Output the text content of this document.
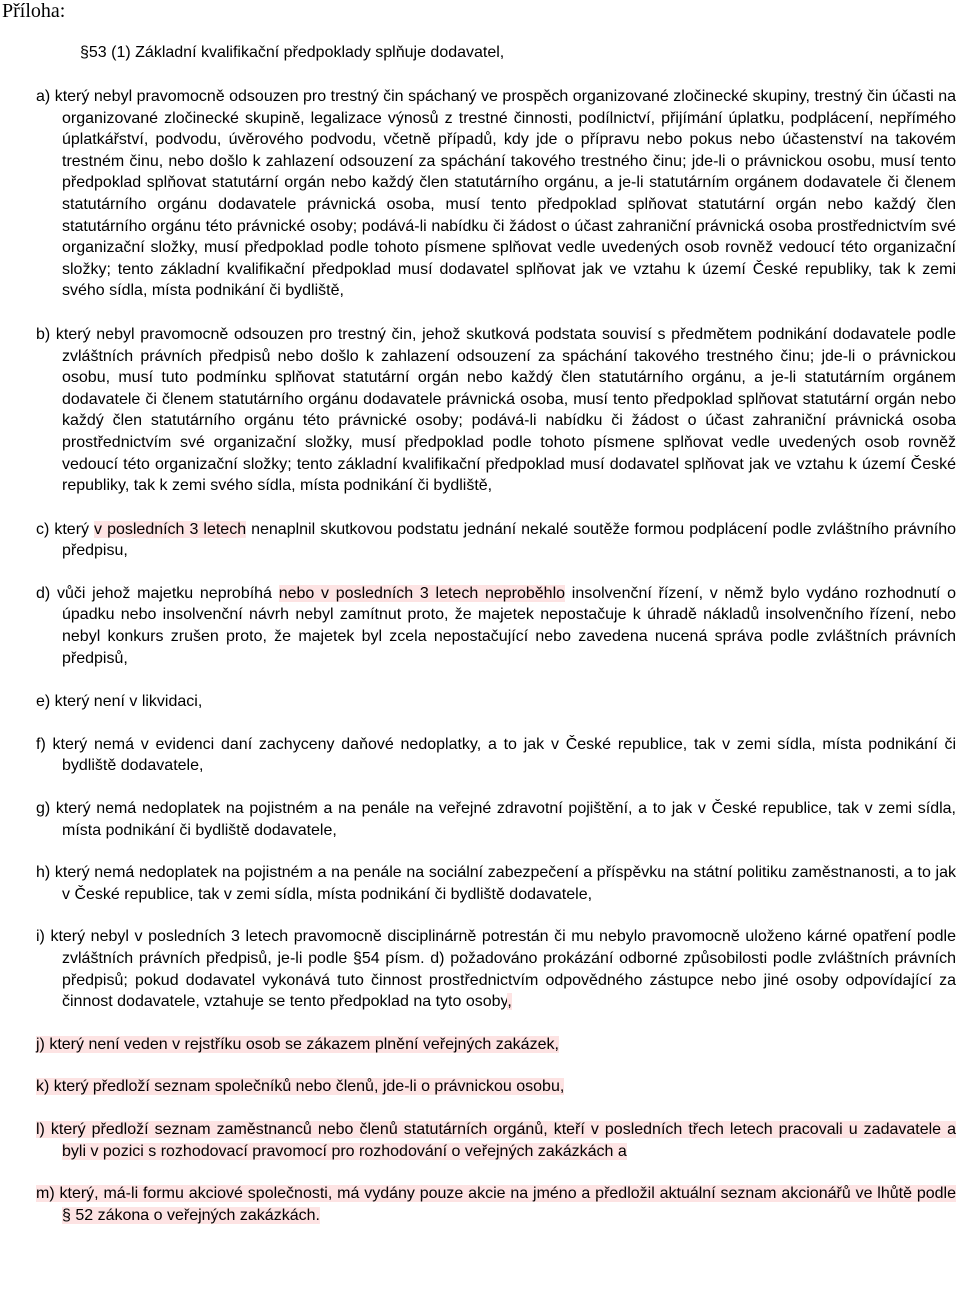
Příloha:
§53 (1) Základní kvalifikační předpoklady splňuje dodavatel,
a) který nebyl pravomocně odsouzen pro trestný čin spáchaný ve prospěch organizované zločinecké skupiny, trestný čin účasti na organizované zločinecké skupině, legalizace výnosů z trestné činnosti, podílnictví, přijímání úplatku, podplácení, nepřímého úplatkářství, podvodu, úvěrového podvodu, včetně případů, kdy jde o přípravu nebo pokus nebo účastenství na takovém trestném činu, nebo došlo k zahlazení odsouzení za spáchání takového trestného činu; jde-li o právnickou osobu, musí tento předpoklad splňovat statutární orgán nebo každý člen statutárního orgánu, a je-li statutárním orgánem dodavatele či členem statutárního orgánu dodavatele právnická osoba, musí tento předpoklad splňovat statutární orgán nebo každý člen statutárního orgánu této právnické osoby; podává-li nabídku či žádost o účast zahraniční právnická osoba prostřednictvím své organizační složky, musí předpoklad podle tohoto písmene splňovat vedle uvedených osob rovněž vedoucí této organizační složky; tento základní kvalifikační předpoklad musí dodavatel splňovat jak ve vztahu k území České republiky, tak k zemi svého sídla, místa podnikání či bydliště,
b) který nebyl pravomocně odsouzen pro trestný čin, jehož skutková podstata souvisí s předmětem podnikání dodavatele podle zvláštních právních předpisů nebo došlo k zahlazení odsouzení za spáchání takového trestného činu; jde-li o právnickou osobu, musí tuto podmínku splňovat statutární orgán nebo každý člen statutárního orgánu, a je-li statutárním orgánem dodavatele či členem statutárního orgánu dodavatele právnická osoba, musí tento předpoklad splňovat statutární orgán nebo každý člen statutárního orgánu této právnické osoby; podává-li nabídku či žádost o účast zahraniční právnická osoba prostřednictvím své organizační složky, musí předpoklad podle tohoto písmene splňovat vedle uvedených osob rovněž vedoucí této organizační složky; tento základní kvalifikační předpoklad musí dodavatel splňovat jak ve vztahu k území České republiky, tak k zemi svého sídla, místa podnikání či bydliště,
c) který v posledních 3 letech nenaplnil skutkovou podstatu jednání nekalé soutěže formou podplácení podle zvláštního právního předpisu,
d) vůči jehož majetku neprobíhá nebo v posledních 3 letech neproběhlo insolvenční řízení, v němž bylo vydáno rozhodnutí o úpadku nebo insolvenční návrh nebyl zamítnut proto, že majetek nepostačuje k úhradě nákladů insolvenčního řízení, nebo nebyl konkurs zrušen proto, že majetek byl zcela nepostačující nebo zavedena nucená správa podle zvláštních právních předpisů,
e) který není v likvidaci,
f) který nemá v evidenci daní zachyceny daňové nedoplatky, a to jak v České republice, tak v zemi sídla, místa podnikání či bydliště dodavatele,
g) který nemá nedoplatek na pojistném a na penále na veřejné zdravotní pojištění, a to jak v České republice, tak v zemi sídla, místa podnikání či bydliště dodavatele,
h) který nemá nedoplatek na pojistném a na penále na sociální zabezpečení a příspěvku na státní politiku zaměstnanosti, a to jak v České republice, tak v zemi sídla, místa podnikání či bydliště dodavatele,
i) který nebyl v posledních 3 letech pravomocně disciplinárně potrestán či mu nebylo pravomocně uloženo kárné opatření podle zvláštních právních předpisů, je-li podle §54 písm. d) požadováno prokázání odborné způsobilosti podle zvláštních právních předpisů; pokud dodavatel vykonává tuto činnost prostřednictvím odpovědného zástupce nebo jiné osoby odpovídající za činnost dodavatele, vztahuje se tento předpoklad na tyto osoby,
j) který není veden v rejstříku osob se zákazem plnění veřejných zakázek,
k) který předloží seznam společníků nebo členů, jde-li o právnickou osobu,
l) který předloží seznam zaměstnanců nebo členů statutárních orgánů, kteří v posledních třech letech pracovali u zadavatele a byli v pozici s rozhodovací pravomocí pro rozhodování o veřejných zakázkách a
m) který, má-li formu akciové společnosti, má vydány pouze akcie na jméno a předložil aktuální seznam akcionářů ve lhůtě podle § 52 zákona o veřejných zakázkách.
